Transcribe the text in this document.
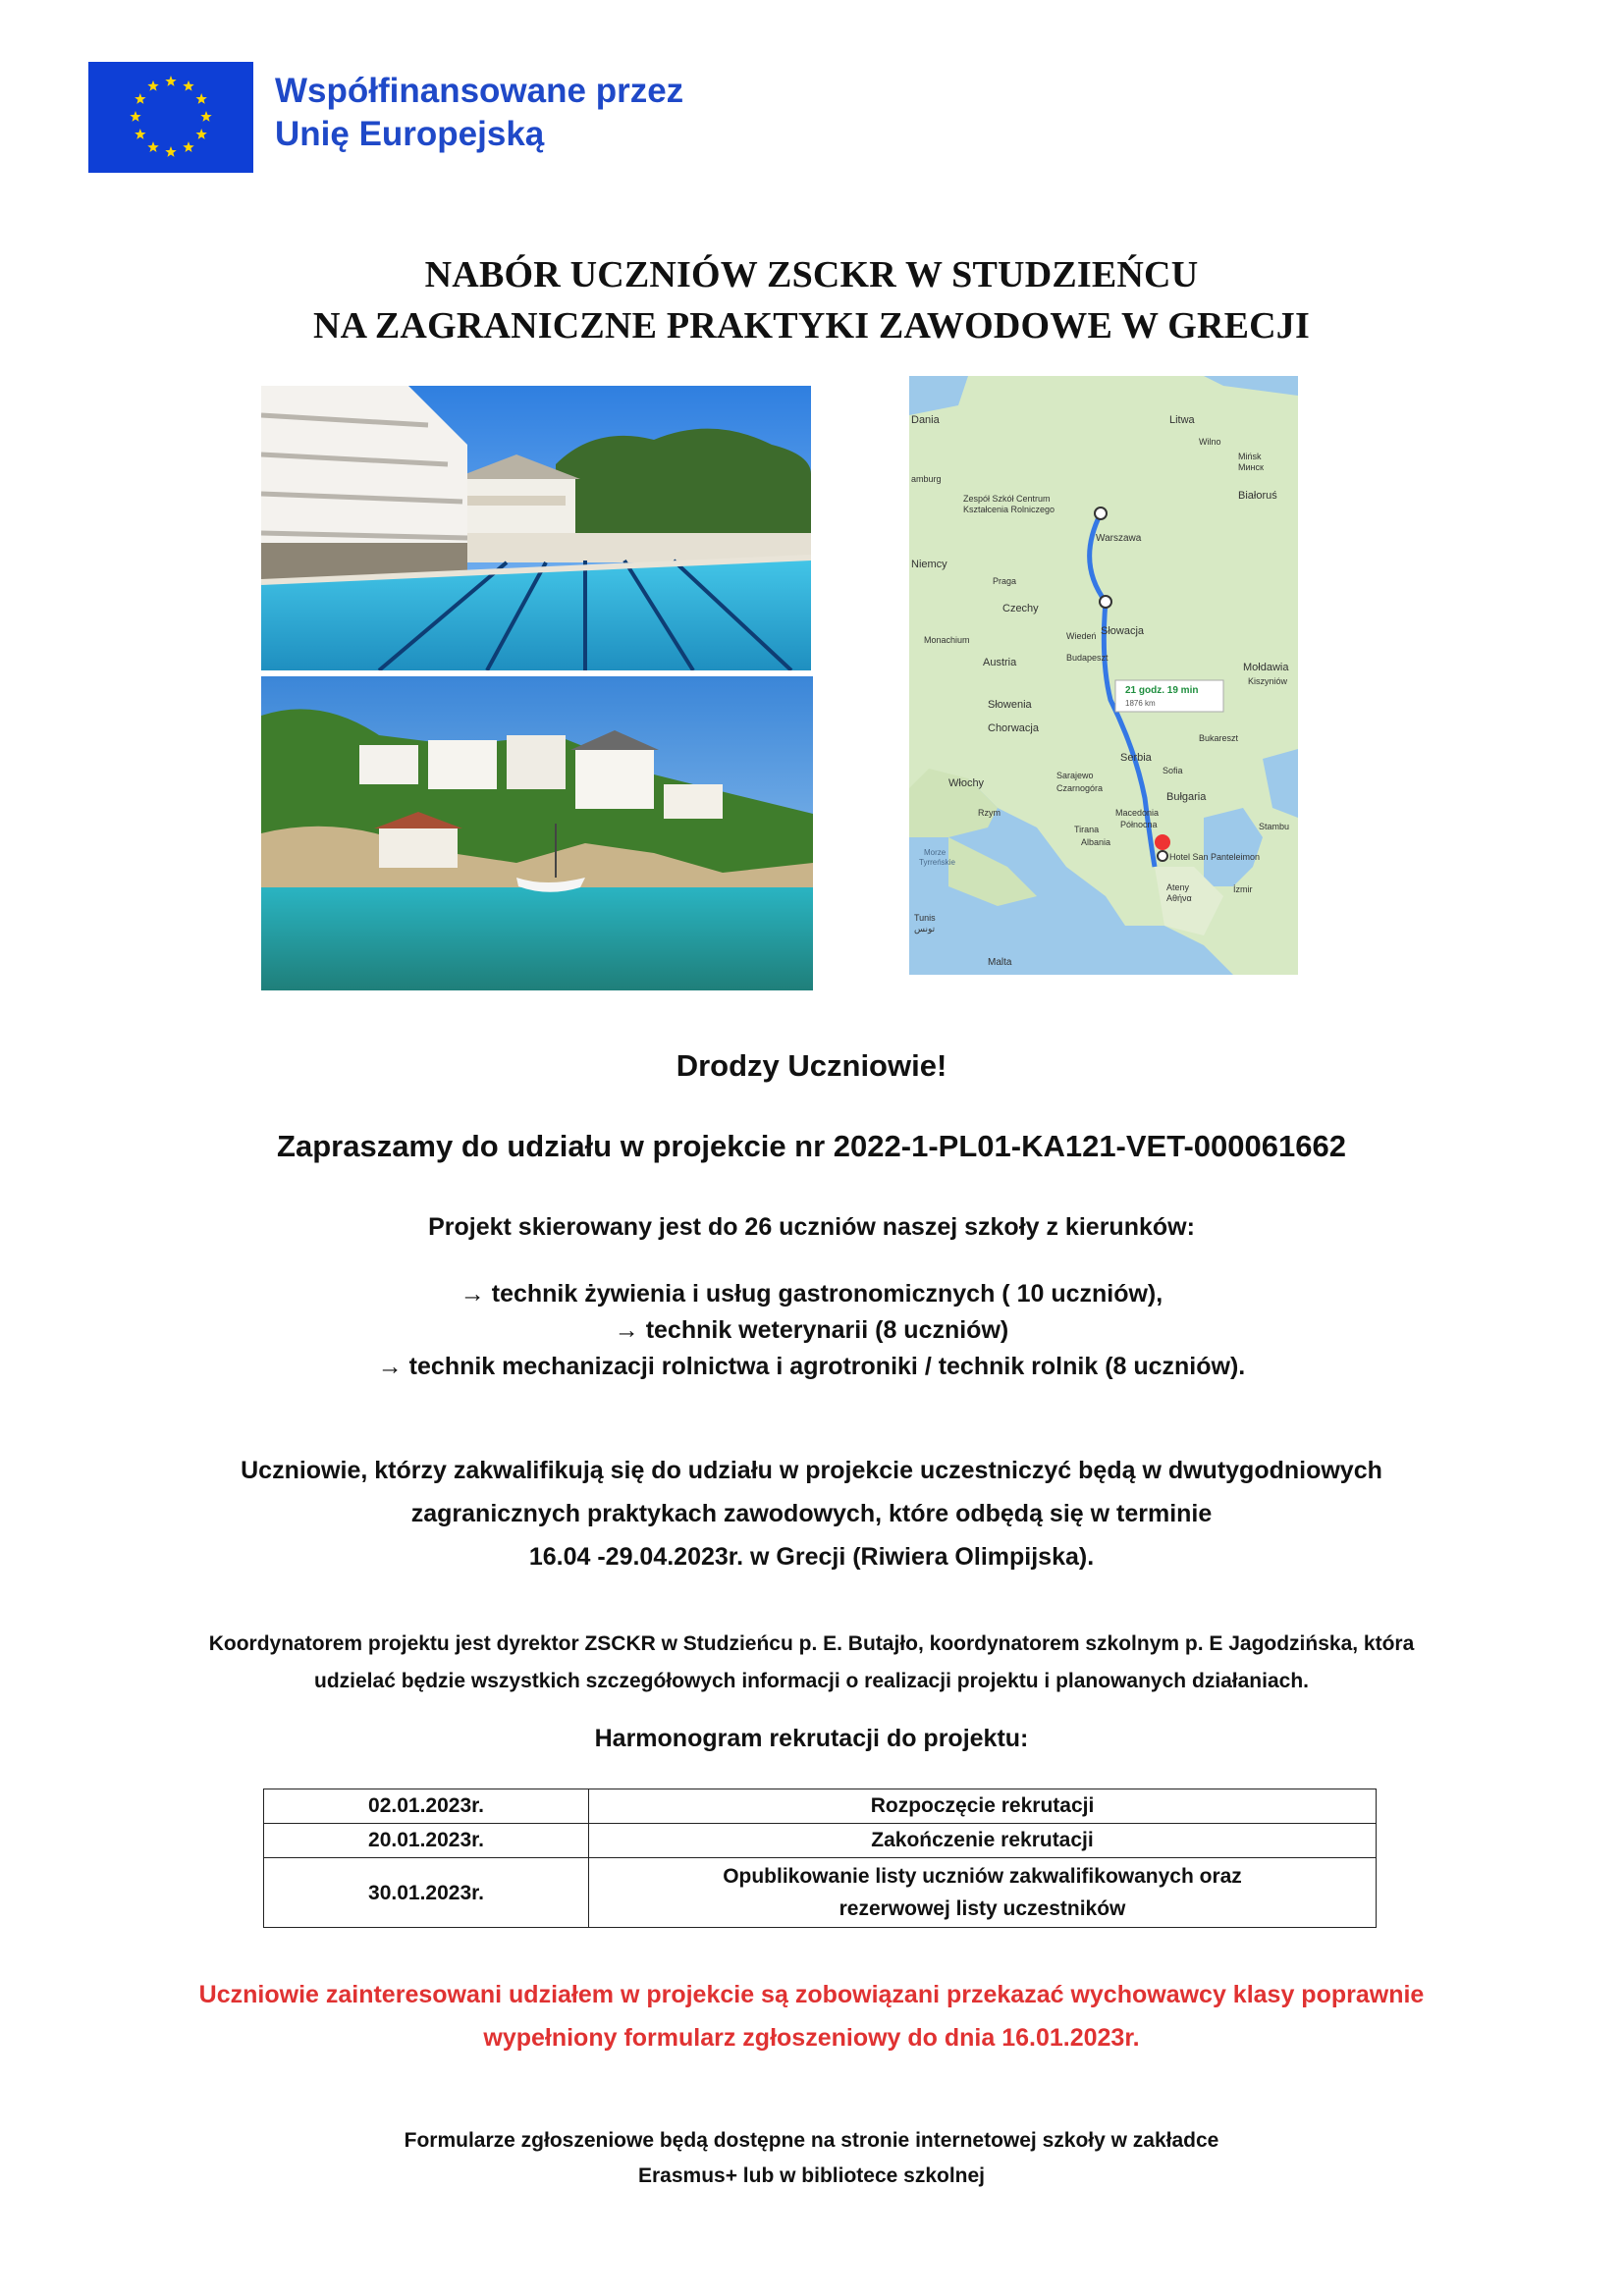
Współfinansowane przez
Unię Europejską
NABÓR UCZNIÓW ZSCKR W STUDZIEŃCU
NA ZAGRANICZNE PRAKTYKI ZAWODOWE W GRECJI
21 godz. 19 min
1876 km
Dania	Litwa
Wilno
Mińsk
Минск
Białoruś
amburg
Zespół Szkół Centrum
Kształcenia Rolniczego
Warszawa
Niemcy
Praga
Czechy
Monachium	Wiedeń Słowacja
Budapeszt
Austria	Mołdawia
Kiszyniów
Słowenia
Chorwacja
Bukareszt
Serbia
Włochy
Sarajewo
Czarnogóra
Sofia
Bułgaria
Rzym	Macedonia
Północna
Tirana
Albania
Stambu
Morze
Tyrreńskie
Hotel San Panteleimon
Ateny
Αθήνα
İzmir
Tunis
تونس
Malta
Drodzy Uczniowie!
Zapraszamy do udziału w projekcie nr 2022-1-PL01-KA121-VET-000061662
Projekt skierowany jest do 26 uczniów naszej szkoły z kierunków:
→ technik żywienia i usług gastronomicznych ( 10 uczniów),
→ technik weterynarii (8 uczniów)
→ technik mechanizacji rolnictwa i agrotroniki / technik rolnik (8 uczniów).
Uczniowie, którzy zakwalifikują się do udziału w projekcie uczestniczyć będą w dwutygodniowych
zagranicznych praktykach zawodowych, które odbędą się w terminie
16.04 -29.04.2023r. w Grecji (Riwiera Olimpijska).
Koordynatorem projektu jest dyrektor ZSCKR w Studzieńcu p. E. Butajło, koordynatorem szkolnym p. E Jagodzińska, która
udzielać będzie wszystkich szczegółowych informacji o realizacji projektu i planowanych działaniach.
Harmonogram rekrutacji do projektu:
02.01.2023r.	Rozpoczęcie rekrutacji
20.01.2023r.	Zakończenie rekrutacji
30.01.2023r.	Opublikowanie listy uczniów zakwalifikowanych oraz
rezerwowej listy uczestników
Uczniowie zainteresowani udziałem w projekcie są zobowiązani przekazać wychowawcy klasy poprawnie
wypełniony formularz zgłoszeniowy do dnia 16.01.2023r.
Formularze zgłoszeniowe będą dostępne na stronie internetowej szkoły w zakładce
Erasmus+ lub w bibliotece szkolnej
